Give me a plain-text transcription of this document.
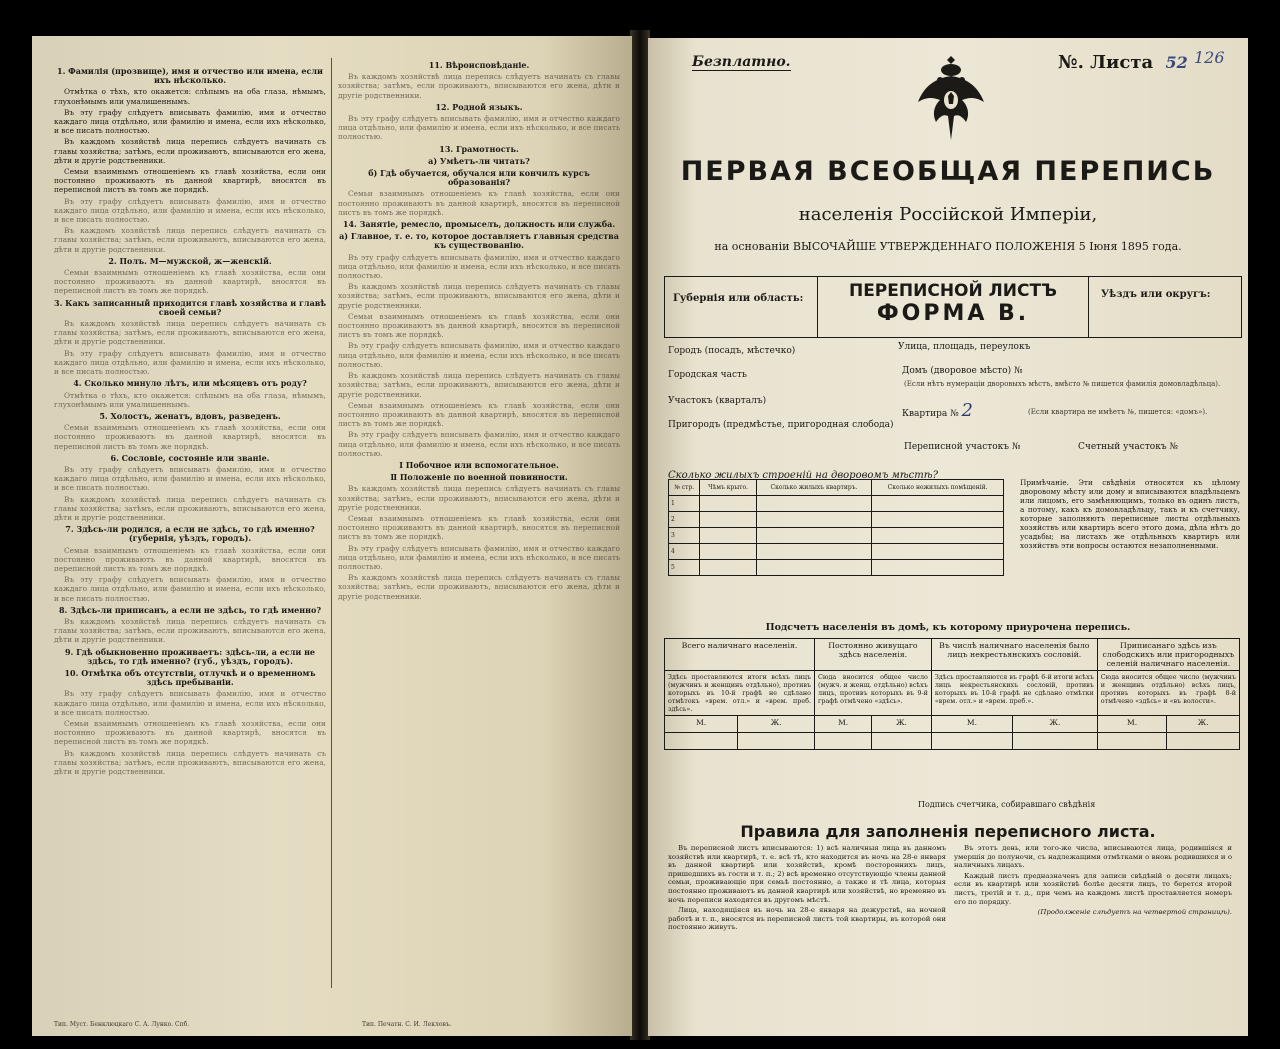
1. Фамилія (прозвище), имя и отчество или имена, если ихъ нѣсколько.

Отмѣтка о тѣхъ, кто окажется: слѣпымъ на оба глаза, нѣмымъ, глухонѣмымъ или умалишеннымъ.

Въ эту графу слѣдуетъ вписывать фамилію, имя и отчество каждаго лица отдѣльно, или фамилію и имена, если ихъ нѣсколько, и все писать полностью.

Въ каждомъ хозяйствѣ лица перепись слѣдуетъ начинать съ главы хозяйства; затѣмъ, если проживаютъ, вписываются его жена, дѣти и другіе родственники.

Семьи взаимнымъ отношеніемъ къ главѣ хозяйства, если они постоянно проживаютъ въ данной квартирѣ, вносятся въ переписной листъ въ томъ же порядкѣ.

Въ эту графу слѣдуетъ вписывать фамилію, имя и отчество каждаго лица отдѣльно, или фамилію и имена, если ихъ нѣсколько, и все писать полностью.

Въ каждомъ хозяйствѣ лица перепись слѣдуетъ начинать съ главы хозяйства; затѣмъ, если проживаютъ, вписываются его жена, дѣти и другіе родственники.

2. Полъ. М—мужской, ж—женскій.

Семьи взаимнымъ отношеніемъ къ главѣ хозяйства, если они постоянно проживаютъ въ данной квартирѣ, вносятся въ переписной листъ въ томъ же порядкѣ.

3. Какъ записанный приходится главѣ хозяйства и главѣ своей семьи?

Въ каждомъ хозяйствѣ лица перепись слѣдуетъ начинать съ главы хозяйства; затѣмъ, если проживаютъ, вписываются его жена, дѣти и другіе родственники.

Въ эту графу слѣдуетъ вписывать фамилію, имя и отчество каждаго лица отдѣльно, или фамилію и имена, если ихъ нѣсколько, и все писать полностью.

4. Сколько минуло лѣтъ, или мѣсяцевъ отъ роду?

Отмѣтка о тѣхъ, кто окажется: слѣпымъ на оба глаза, нѣмымъ, глухонѣмымъ или умалишеннымъ.

5. Холостъ, женатъ, вдовъ, разведенъ.

Семьи взаимнымъ отношеніемъ къ главѣ хозяйства, если они постоянно проживаютъ въ данной квартирѣ, вносятся въ переписной листъ въ томъ же порядкѣ.

6. Сословіе, состояніе или званіе.

Въ эту графу слѣдуетъ вписывать фамилію, имя и отчество каждаго лица отдѣльно, или фамилію и имена, если ихъ нѣсколько, и все писать полностью.

Въ каждомъ хозяйствѣ лица перепись слѣдуетъ начинать съ главы хозяйства; затѣмъ, если проживаютъ, вписываются его жена, дѣти и другіе родственники.

7. Здѣсь-ли родился, а если не здѣсь, то гдѣ именно? (губернія, уѣздъ, городъ).

Семьи взаимнымъ отношеніемъ къ главѣ хозяйства, если они постоянно проживаютъ въ данной квартирѣ, вносятся въ переписной листъ въ томъ же порядкѣ.

Въ эту графу слѣдуетъ вписывать фамилію, имя и отчество каждаго лица отдѣльно, или фамилію и имена, если ихъ нѣсколько, и все писать полностью.

8. Здѣсь-ли приписанъ, а если не здѣсь, то гдѣ именно?

Въ каждомъ хозяйствѣ лица перепись слѣдуетъ начинать съ главы хозяйства; затѣмъ, если проживаютъ, вписываются его жена, дѣти и другіе родственники.

9. Гдѣ обыкновенно проживаетъ: здѣсь-ли, а если не здѣсь, то гдѣ именно? (губ., уѣздъ, городъ).

10. Отмѣтка объ отсутствіи, отлучкѣ и о временномъ здѣсь пребываніи.

Въ эту графу слѣдуетъ вписывать фамилію, имя и отчество каждаго лица отдѣльно, или фамилію и имена, если ихъ нѣсколько, и все писать полностью.

Семьи взаимнымъ отношеніемъ къ главѣ хозяйства, если они постоянно проживаютъ въ данной квартирѣ, вносятся въ переписной листъ въ томъ же порядкѣ.

Въ каждомъ хозяйствѣ лица перепись слѣдуетъ начинать съ главы хозяйства; затѣмъ, если проживаютъ, вписываются его жена, дѣти и другіе родственники.

11. Вѣроисповѣданіе.

Въ каждомъ хозяйствѣ лица перепись слѣдуетъ начинать съ главы хозяйства; затѣмъ, если проживаютъ, вписываются его жена, дѣти и другіе родственники.

12. Родной языкъ.

Въ эту графу слѣдуетъ вписывать фамилію, имя и отчество каждаго лица отдѣльно, или фамилію и имена, если ихъ нѣсколько, и все писать полностью.

13. Грамотность.

а) Умѣетъ-ли читать?

б) Гдѣ обучается, обучался или кончилъ курсъ образованія?

Семьи взаимнымъ отношеніемъ къ главѣ хозяйства, если они постоянно проживаютъ въ данной квартирѣ, вносятся въ переписной листъ въ томъ же порядкѣ.

14. Занятіе, ремесло, промыселъ, должность или служба.

а) Главное, т. е. то, которое доставляетъ главныя средства къ существованію.

Въ эту графу слѣдуетъ вписывать фамилію, имя и отчество каждаго лица отдѣльно, или фамилію и имена, если ихъ нѣсколько, и все писать полностью.

Въ каждомъ хозяйствѣ лица перепись слѣдуетъ начинать съ главы хозяйства; затѣмъ, если проживаютъ, вписываются его жена, дѣти и другіе родственники.

Семьи взаимнымъ отношеніемъ къ главѣ хозяйства, если они постоянно проживаютъ въ данной квартирѣ, вносятся въ переписной листъ въ томъ же порядкѣ.

Въ эту графу слѣдуетъ вписывать фамилію, имя и отчество каждаго лица отдѣльно, или фамилію и имена, если ихъ нѣсколько, и все писать полностью.

Въ каждомъ хозяйствѣ лица перепись слѣдуетъ начинать съ главы хозяйства; затѣмъ, если проживаютъ, вписываются его жена, дѣти и другіе родственники.

Семьи взаимнымъ отношеніемъ къ главѣ хозяйства, если они постоянно проживаютъ въ данной квартирѣ, вносятся въ переписной листъ въ томъ же порядкѣ.

Въ эту графу слѣдуетъ вписывать фамилію, имя и отчество каждаго лица отдѣльно, или фамилію и имена, если ихъ нѣсколько, и все писать полностью.

Ⅰ Побочное или вспомогательное.

Ⅱ Положеніе по военной повинности.

Въ каждомъ хозяйствѣ лица перепись слѣдуетъ начинать съ главы хозяйства; затѣмъ, если проживаютъ, вписываются его жена, дѣти и другіе родственники.

Семьи взаимнымъ отношеніемъ къ главѣ хозяйства, если они постоянно проживаютъ въ данной квартирѣ, вносятся въ переписной листъ въ томъ же порядкѣ.

Въ эту графу слѣдуетъ вписывать фамилію, имя и отчество каждаго лица отдѣльно, или фамилію и имена, если ихъ нѣсколько, и все писать полностью.

Въ каждомъ хозяйствѣ лица перепись слѣдуетъ начинать съ главы хозяйства; затѣмъ, если проживаютъ, вписываются его жена, дѣти и другіе родственники.

Тип. Муст. Бенклюцкаго С. А. Лунко. Спб.	Тип. Печатн. С. И. Лекловъ.
Безплатно.	№. Листа 52 126
ПЕРВАЯ ВСЕОБЩАЯ ПЕРЕПИСЬ
населенія Россійской Имперіи,
на основаніи ВЫСОЧАЙШЕ УТВЕРЖДЕННАГО ПОЛОЖЕНІЯ 5 Іюня 1895 года.
Губернія или область:	ПЕРЕПИСНОЙ ЛИСТЪ
ФОРМА В.
Уѣздъ или округъ:
Городъ (посадъ, мѣстечко)
Городская часть
Участокъ (кварталъ)
Пригородъ (предмѣстье, пригородная слобода)
Улица, площадь, переулокъ
Домъ (дворовое мѣсто) №
(Если нѣтъ нумераціи дворовыхъ мѣстъ, вмѣсто № пишется фамилія домовладѣльца).
Квартира № 2	(Если квартира не имѣетъ №, пишется: «домъ»).
Переписной участокъ №	Счетный участокъ №
Сколько жилыхъ строеній на дворовомъ мѣстѣ?
№ стр.	Чѣмъ крыто.	Сколько жилыхъ квартиръ.	Сколько нежилыхъ помѣщеній.
1			
2			
3			
4			
5			
Примѣчаніе. Эти свѣдѣнія относятся къ цѣлому дворовому мѣсту или дому и вписываются владѣльцемъ или лицомъ, его замѣняющимъ, только въ одинъ листъ, а потому, какъ къ домовладѣльцу, такъ и къ счетчику, которые заполняютъ переписные листы отдѣльныхъ хозяйствъ или квартиръ всего этого дома, дѣла нѣтъ до усадьбы; на листахъ же отдѣльныхъ квартиръ или хозяйствъ эти вопросы остаются незаполненными.
Подсчетъ населенія въ домѣ, къ которому приурочена перепись.
Всего наличнаго населенія.		Постоянно живущаго здѣсь населенія.		Въ числѣ наличнаго населенія было лицъ некрестьянскихъ сословій.		Приписанаго здѣсь изъ слободскихъ или пригородныхъ селеній наличнаго населенія.	
Здѣсь проставляются итоги всѣхъ лицъ (мужчинъ и женщинъ отдѣльно), противъ которыхъ въ 10-й графѣ не сдѣлано отмѣтокъ «врем. отл.» и «врем. преб. здѣсь».		Сюда вносится общее число (мужч. и женщ. отдѣльно) всѣхъ лицъ, противъ которыхъ въ 9-й графѣ отмѣчено «здѣсь».		Здѣсь проставляются въ графѣ 6-й итоги всѣхъ лицъ некрестьянскихъ сословій, противъ которыхъ въ 10-й графѣ не сдѣлано отмѣтки «врем. отл.» и «врем. преб.».		Сюда вносится общее число (мужчинъ и женщинъ отдѣльно) всѣхъ лицъ, противъ которыхъ въ графѣ 8-й отмѣчено «здѣсь» и «въ волости».	
М.	Ж.	М.	Ж.	М.	Ж.	М.	Ж.

Подпись счетчика, собиравшаго свѣдѣнія
Правила для заполненія переписного листа.

Въ переписной листъ вписываются: 1) всѣ наличныя лица въ данномъ хозяйствѣ или квартирѣ, т. е. всѣ тѣ, кто находится въ ночь на 28-е января въ данной квартирѣ или хозяйствѣ, кромѣ постороннихъ лицъ, пришедшихъ въ гости и т. п.; 2) всѣ временно отсутствующіе члены данной семьи, проживающіе при семьѣ постоянно, а также и тѣ лица, которыя постоянно проживаютъ въ данной квартирѣ или хозяйствѣ, но временно въ ночь переписи находятся въ другомъ мѣстѣ.

Лица, находящіяся въ ночь на 28-е января на дежурствѣ, на ночной работѣ и т. п., вносятся въ переписной листъ той квартиры, въ которой они постоянно живутъ.

Въ этотъ день, или того-же числа, вписываются лица, родившіяся и умершія до полуночи, съ надлежащими отмѣтками о вновь родившихся и о наличныхъ лицахъ.

Каждый листъ предназначенъ для записи свѣдѣній о десяти лицахъ; если въ квартирѣ или хозяйствѣ болѣе десяти лицъ, то берется второй листъ, третій и т. д., при чемъ на каждомъ листѣ проставляется номеръ его по порядку.

(Продолженіе слѣдуетъ на четвертой страницѣ).
